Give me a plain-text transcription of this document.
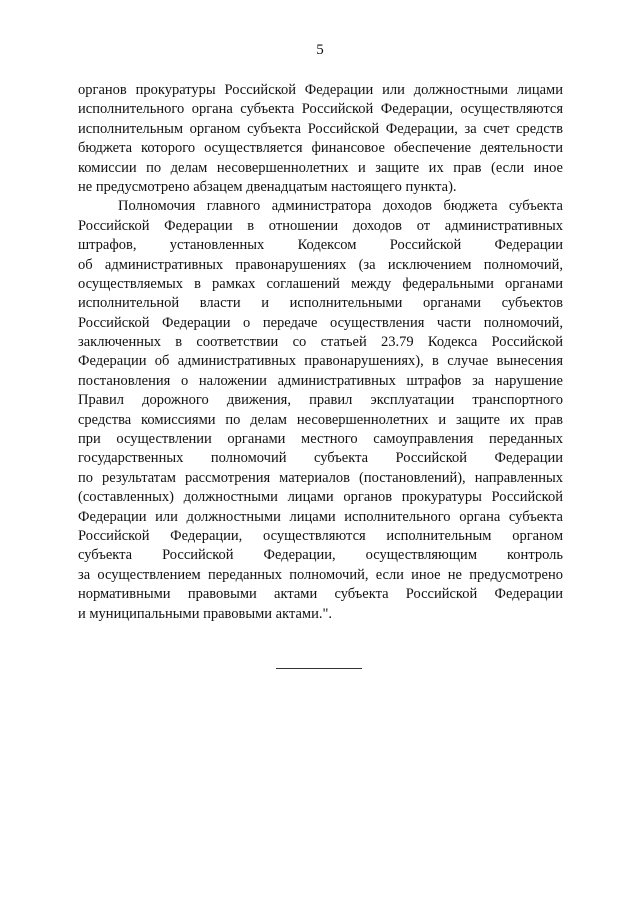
5
органов прокуратуры Российской Федерации или должностными лицами
исполнительного органа субъекта Российской Федерации, осуществляются
исполнительным органом субъекта Российской Федерации, за счет средств
бюджета которого осуществляется финансовое обеспечение деятельности
комиссии по делам несовершеннолетних и защите их прав (если иное
не предусмотрено абзацем двенадцатым настоящего пункта).
Полномочия главного администратора доходов бюджета субъекта
Российской Федерации в отношении доходов от административных
штрафов, установленных Кодексом Российской Федерации
об административных правонарушениях (за исключением полномочий,
осуществляемых в рамках соглашений между федеральными органами
исполнительной власти и исполнительными органами субъектов
Российской Федерации о передаче осуществления части полномочий,
заключенных в соответствии со статьей 23.79 Кодекса Российской
Федерации об административных правонарушениях), в случае вынесения
постановления о наложении административных штрафов за нарушение
Правил дорожного движения, правил эксплуатации транспортного
средства комиссиями по делам несовершеннолетних и защите их прав
при осуществлении органами местного самоуправления переданных
государственных полномочий субъекта Российской Федерации
по результатам рассмотрения материалов (постановлений), направленных
(составленных) должностными лицами органов прокуратуры Российской
Федерации или должностными лицами исполнительного органа субъекта
Российской Федерации, осуществляются исполнительным органом
субъекта Российской Федерации, осуществляющим контроль
за осуществлением переданных полномочий, если иное не предусмотрено
нормативными правовыми актами субъекта Российской Федерации
и муниципальными правовыми актами.".
